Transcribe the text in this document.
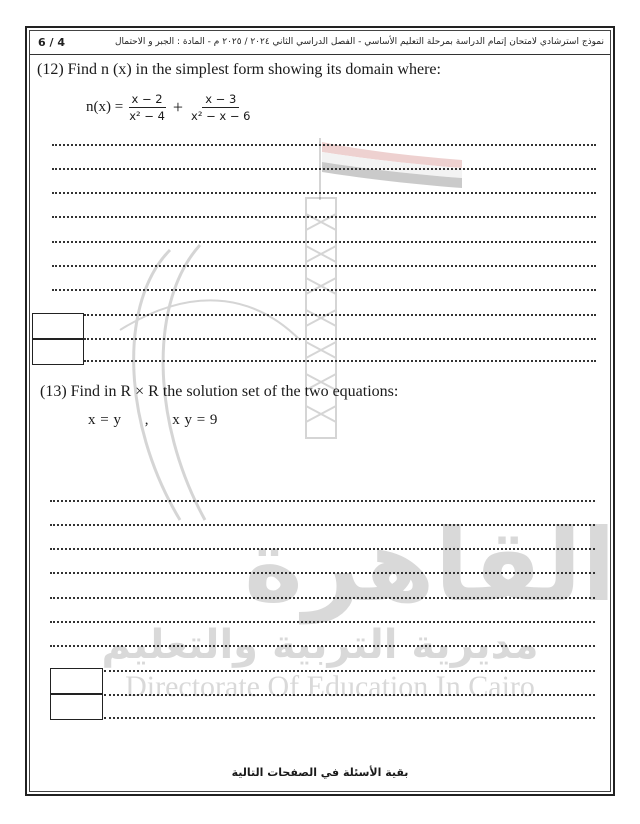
القاهرة
مديرية التربية والتعليم
Directorate Of Education In Cairo
6 / 4	نموذج استرشادي لامتحان إتمام الدراسة بمرحلة التعليم الأساسي - الفصل الدراسي الثاني ٢٠٢٤ / ٢٠٢٥ م - المادة : الجبر و الاحتمال
(12) Find n (x) in the simplest form showing its domain where:
$n(x) = \frac{x - 2}{\text{x² − 4}} + \frac{x - 3}{\text{x² − x − 6}}$
(13) Find in R × R the solution set of the two equations:
x = y     ,     x y = 9
بقية الأسئلة في الصفحات التالية
